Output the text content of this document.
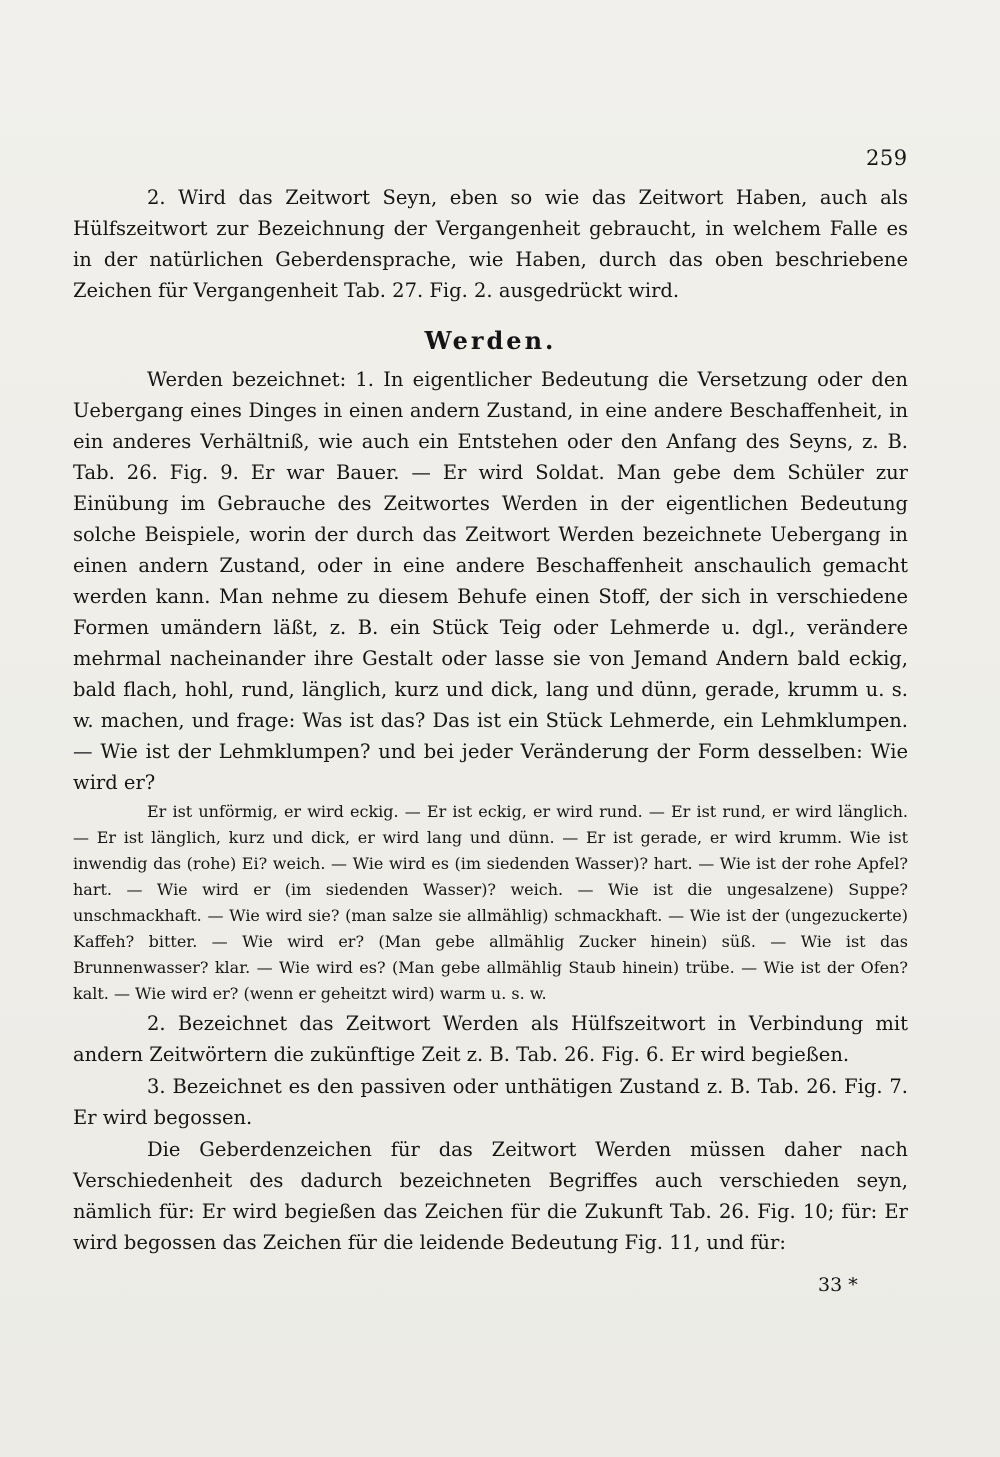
259

2. Wird das Zeitwort Seyn, eben so wie das Zeitwort Haben, auch als Hülfszeitwort zur Bezeichnung der Vergangenheit gebraucht, in welchem Falle es in der natürlichen Geberdensprache, wie Haben, durch das oben beschriebene Zeichen für Vergangenheit Tab. 27. Fig. 2. ausgedrückt wird.

Werden.

Werden bezeichnet: 1. In eigentlicher Bedeutung die Versetzung oder den Uebergang eines Dinges in einen andern Zustand, in eine andere Beschaffenheit, in ein anderes Verhältniß, wie auch ein Entstehen oder den Anfang des Seyns, z. B. Tab. 26. Fig. 9. Er war Bauer. — Er wird Soldat. Man gebe dem Schüler zur Einübung im Gebrauche des Zeitwortes Werden in der eigentlichen Bedeutung solche Beispiele, worin der durch das Zeitwort Werden bezeichnete Uebergang in einen andern Zustand, oder in eine andere Beschaffenheit anschaulich gemacht werden kann. Man nehme zu diesem Behufe einen Stoff, der sich in verschiedene Formen umändern läßt, z. B. ein Stück Teig oder Lehmerde u. dgl., verändere mehrmal nacheinander ihre Gestalt oder lasse sie von Jemand Andern bald eckig, bald flach, hohl, rund, länglich, kurz und dick, lang und dünn, gerade, krumm u. s. w. machen, und frage: Was ist das? Das ist ein Stück Lehmerde, ein Lehmklumpen. — Wie ist der Lehmklumpen? und bei jeder Veränderung der Form desselben: Wie wird er?

Er ist unförmig, er wird eckig. — Er ist eckig, er wird rund. — Er ist rund, er wird länglich. — Er ist länglich, kurz und dick, er wird lang und dünn. — Er ist gerade, er wird krumm. Wie ist inwendig das (rohe) Ei? weich. — Wie wird es (im siedenden Wasser)? hart. — Wie ist der rohe Apfel? hart. — Wie wird er (im siedenden Wasser)? weich. — Wie ist die ungesalzene) Suppe? unschmackhaft. — Wie wird sie? (man salze sie allmählig) schmackhaft. — Wie ist der (ungezuckerte) Kaffeh? bitter. — Wie wird er? (Man gebe allmählig Zucker hinein) süß. — Wie ist das Brunnenwasser? klar. — Wie wird es? (Man gebe allmählig Staub hinein) trübe. — Wie ist der Ofen? kalt. — Wie wird er? (wenn er geheitzt wird) warm u. s. w.

2. Bezeichnet das Zeitwort Werden als Hülfszeitwort in Verbindung mit andern Zeitwörtern die zukünftige Zeit z. B. Tab. 26. Fig. 6. Er wird begießen.

3. Bezeichnet es den passiven oder unthätigen Zustand z. B. Tab. 26. Fig. 7. Er wird begossen.

Die Geberdenzeichen für das Zeitwort Werden müssen daher nach Verschiedenheit des dadurch bezeichneten Begriffes auch verschieden seyn, nämlich für: Er wird begießen das Zeichen für die Zukunft Tab. 26. Fig. 10; für: Er wird begossen das Zeichen für die leidende Bedeutung Fig. 11, und für:

33 *
